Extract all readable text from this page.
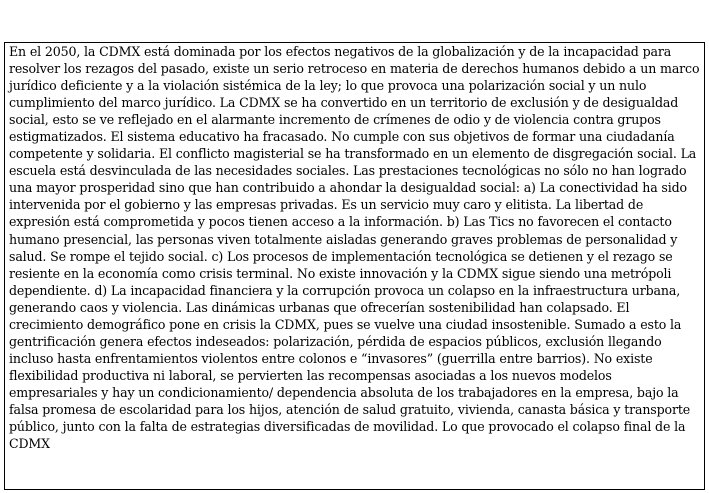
En el 2050, la CDMX está dominada por los efectos negativos de la globalización y de la incapacidad para resolver los rezagos del pasado, existe un serio retroceso en materia de derechos humanos debido a un marco jurídico deficiente y a la violación sistémica de la ley; lo que provoca una polarización social y un nulo cumplimiento del marco jurídico. La CDMX se ha convertido en un territorio de exclusión y de desigualdad social, esto se ve reflejado en el alarmante incremento de crímenes de odio y de violencia contra grupos estigmatizados. El sistema educativo ha fracasado. No cumple con sus objetivos de formar una ciudadanía competente y solidaria. El conflicto magisterial se ha transformado en un elemento de disgregación social. La escuela está desvinculada de las necesidades sociales. Las prestaciones tecnológicas no sólo no han logrado una mayor prosperidad sino que han contribuido a ahondar la desigualdad social: a) La conectividad ha sido intervenida por el gobierno y las empresas privadas. Es un servicio muy caro y elitista. La libertad de expresión está comprometida y pocos tienen acceso a la información. b) Las Tics no favorecen el contacto humano presencial, las personas viven totalmente aisladas generando graves problemas de personalidad y salud. Se rompe el tejido social. c) Los procesos de implementación tecnológica se detienen y el rezago se resiente en la economía como crisis terminal. No existe innovación y la CDMX sigue siendo una metrópoli dependiente. d) La incapacidad financiera y la corrupción provoca un colapso en la infraestructura urbana, generando caos y violencia. Las dinámicas urbanas que ofrecerían sostenibilidad han colapsado. El crecimiento demográfico pone en crisis la CDMX, pues se vuelve una ciudad insostenible. Sumado a esto la gentrificación genera efectos indeseados: polarización, pérdida de espacios públicos, exclusión llegando incluso hasta enfrentamientos violentos entre colonos e “invasores” (guerrilla entre barrios). No existe flexibilidad productiva ni laboral, se pervierten las recompensas asociadas a los nuevos modelos empresariales y hay un condicionamiento/ dependencia absoluta de los trabajadores en la empresa, bajo la falsa promesa de escolaridad para los hijos, atención de salud gratuito, vivienda, canasta básica y transporte público, junto con la falta de estrategias diversificadas de movilidad. Lo que provocado el colapso final de la CDMX
